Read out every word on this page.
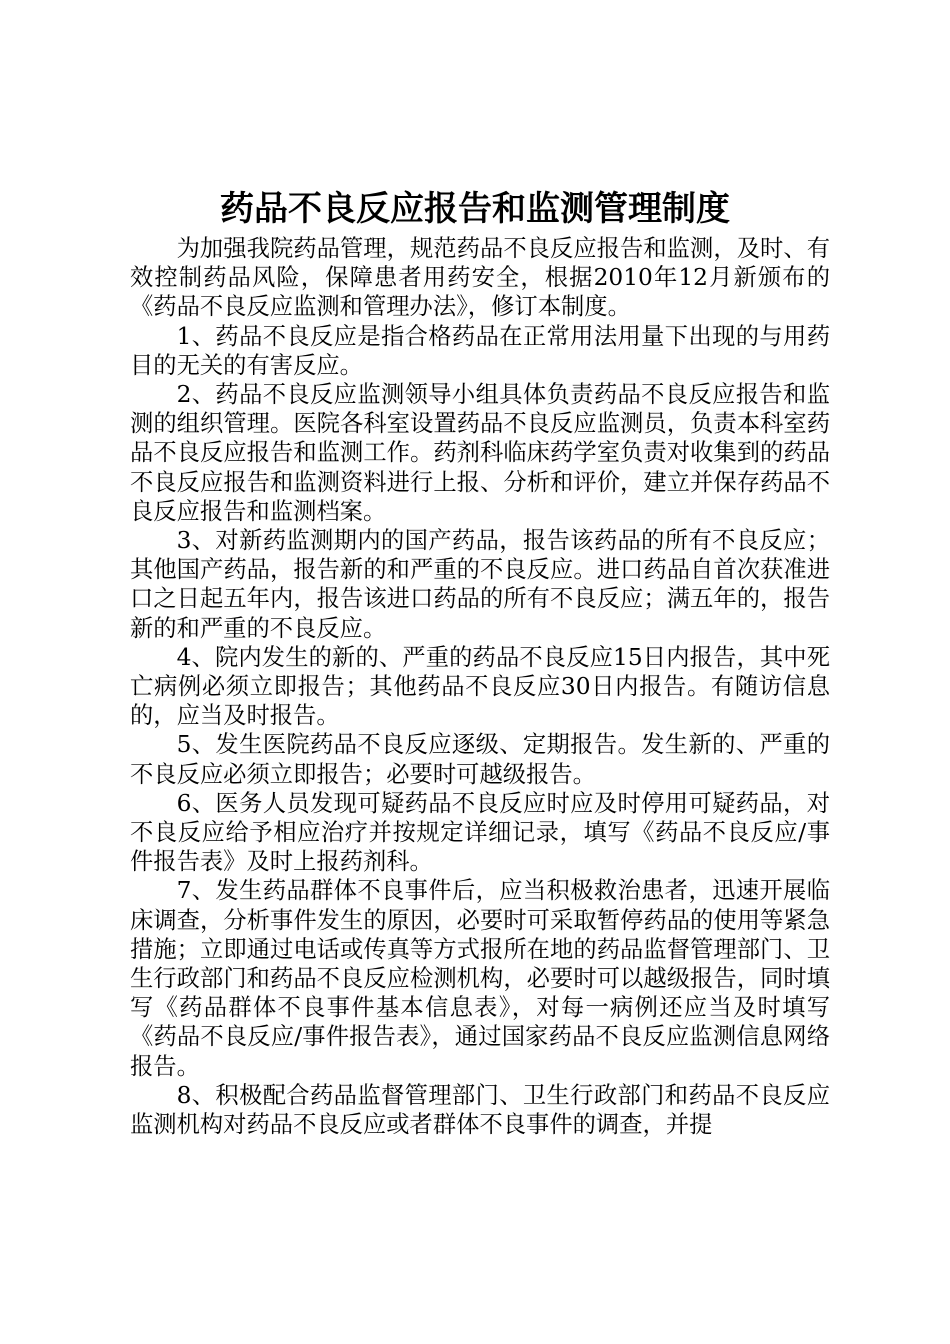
药品不良反应报告和监测管理制度

为加强我院药品管理，规范药品不良反应报告和监测，及时、有效控制药品风险，保障患者用药安全，根据2010年12月新颁布的《药品不良反应监测和管理办法》，修订本制度。

1、药品不良反应是指合格药品在正常用法用量下出现的与用药目的无关的有害反应。

2、药品不良反应监测领导小组具体负责药品不良反应报告和监测的组织管理。医院各科室设置药品不良反应监测员，负责本科室药品不良反应报告和监测工作。药剂科临床药学室负责对收集到的药品不良反应报告和监测资料进行上报、分析和评价，建立并保存药品不良反应报告和监测档案。

3、对新药监测期内的国产药品，报告该药品的所有不良反应；其他国产药品，报告新的和严重的不良反应。进口药品自首次获准进口之日起五年内，报告该进口药品的所有不良反应；满五年的，报告新的和严重的不良反应。

4、院内发生的新的、严重的药品不良反应15日内报告，其中死亡病例必须立即报告；其他药品不良反应30日内报告。有随访信息的，应当及时报告。

5、发生医院药品不良反应逐级、定期报告。发生新的、严重的不良反应必须立即报告；必要时可越级报告。

6、医务人员发现可疑药品不良反应时应及时停用可疑药品，对不良反应给予相应治疗并按规定详细记录，填写《药品不良反应/事件报告表》及时上报药剂科。

7、发生药品群体不良事件后，应当积极救治患者，迅速开展临床调查，分析事件发生的原因，必要时可采取暂停药品的使用等紧急措施；立即通过电话或传真等方式报所在地的药品监督管理部门、卫生行政部门和药品不良反应检测机构，必要时可以越级报告，同时填写《药品群体不良事件基本信息表》，对每一病例还应当及时填写《药品不良反应/事件报告表》，通过国家药品不良反应监测信息网络报告。

8、积极配合药品监督管理部门、卫生行政部门和药品不良反应监测机构对药品不良反应或者群体不良事件的调查，并提
